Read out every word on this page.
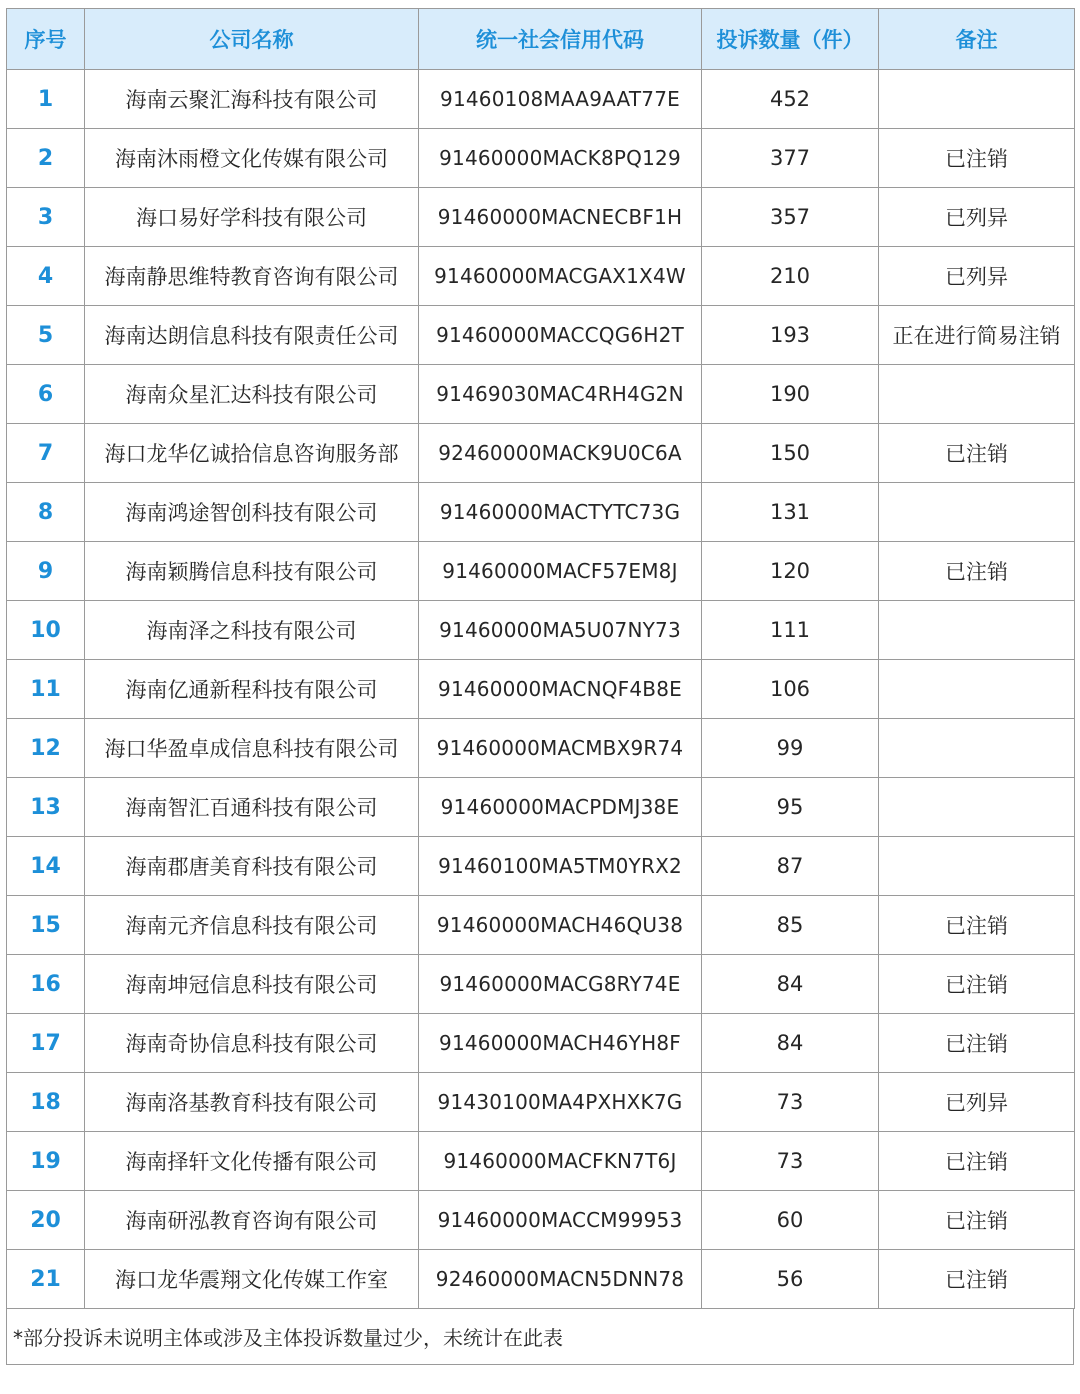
序号	公司名称	统一社会信用代码	投诉数量（件）	备注
1	海南云聚汇海科技有限公司	91460108MAA9AAT77E	452	
2	海南沐雨橙文化传媒有限公司	91460000MACK8PQ129	377	已注销
3	海口易好学科技有限公司	91460000MACNECBF1H	357	已列异
4	海南静思维特教育咨询有限公司	91460000MACGAX1X4W	210	已列异
5	海南达朗信息科技有限责任公司	91460000MACCQG6H2T	193	正在进行简易注销
6	海南众星汇达科技有限公司	91469030MAC4RH4G2N	190	
7	海口龙华亿诚拾信息咨询服务部	92460000MACK9U0C6A	150	已注销
8	海南鸿途智创科技有限公司	91460000MACTYTC73G	131	
9	海南颖腾信息科技有限公司	91460000MACF57EM8J	120	已注销
10	海南泽之科技有限公司	91460000MA5U07NY73	111	
11	海南亿通新程科技有限公司	91460000MACNQF4B8E	106	
12	海口华盈卓成信息科技有限公司	91460000MACMBX9R74	99	
13	海南智汇百通科技有限公司	91460000MACPDMJ38E	95	
14	海南郡唐美育科技有限公司	91460100MA5TM0YRX2	87	
15	海南元齐信息科技有限公司	91460000MACH46QU38	85	已注销
16	海南坤冠信息科技有限公司	91460000MACG8RY74E	84	已注销
17	海南奇协信息科技有限公司	91460000MACH46YH8F	84	已注销
18	海南洛基教育科技有限公司	91430100MA4PXHXK7G	73	已列异
19	海南择轩文化传播有限公司	91460000MACFKN7T6J	73	已注销
20	海南研泓教育咨询有限公司	91460000MACCM99953	60	已注销
21	海口龙华震翔文化传媒工作室	92460000MACN5DNN78	56	已注销
*部分投诉未说明主体或涉及主体投诉数量过少，未统计在此表
